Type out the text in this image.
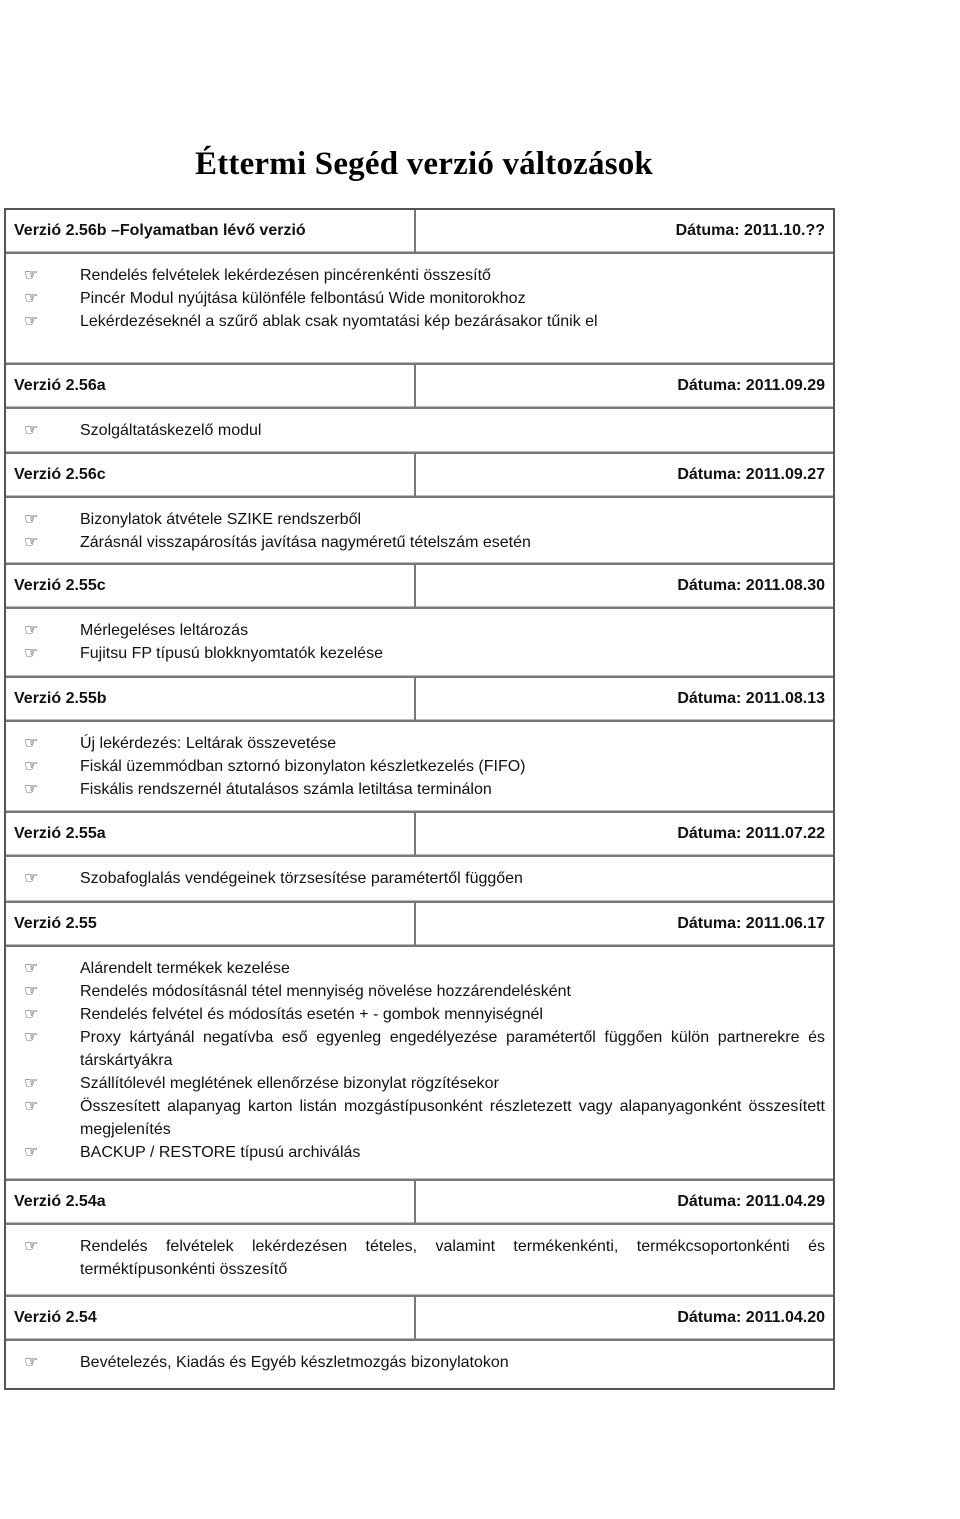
Éttermi Segéd verzió változások
Verzió 2.56b –Folyamatban lévő verzió	Dátuma: 2011.10.??
☞	Rendelés felvételek lekérdezésen pincérenkénti összesítő
☞	Pincér Modul nyújtása különféle felbontású Wide monitorokhoz
☞	Lekérdezéseknél a szűrő ablak csak nyomtatási kép bezárásakor tűnik el
Verzió 2.56a	Dátuma: 2011.09.29
☞	Szolgáltatáskezelő modul
Verzió 2.56c	Dátuma: 2011.09.27
☞	Bizonylatok átvétele SZIKE rendszerből
☞	Zárásnál visszapárosítás javítása nagyméretű tételszám esetén
Verzió 2.55c	Dátuma: 2011.08.30
☞	Mérlegeléses leltározás
☞	Fujitsu FP típusú blokknyomtatók kezelése
Verzió 2.55b	Dátuma: 2011.08.13
☞	Új lekérdezés: Leltárak összevetése
☞	Fiskál üzemmódban sztornó bizonylaton készletkezelés (FIFO)
☞	Fiskális rendszernél átutalásos számla letiltása terminálon
Verzió 2.55a	Dátuma: 2011.07.22
☞	Szobafoglalás vendégeinek törzsesítése paramétertől függően
Verzió 2.55	Dátuma: 2011.06.17
☞	Alárendelt termékek kezelése
☞	Rendelés módosításnál tétel mennyiség növelése hozzárendelésként
☞	Rendelés felvétel és módosítás esetén + - gombok mennyiségnél
☞	Proxy kártyánál negatívba eső egyenleg engedélyezése paramétertől függően külön partnerekre és társkártyákra
☞	Szállítólevél meglétének ellenőrzése bizonylat rögzítésekor
☞	Összesített alapanyag karton listán mozgástípusonként részletezett vagy alapanyagonként összesített megjelenítés
☞	BACKUP / RESTORE típusú archiválás
Verzió 2.54a	Dátuma: 2011.04.29
☞	Rendelés felvételek lekérdezésen tételes, valamint termékenkénti, termékcsoportonkénti és terméktípusonkénti összesítő
Verzió 2.54	Dátuma: 2011.04.20
☞	Bevételezés, Kiadás és Egyéb készletmozgás bizonylatokon
